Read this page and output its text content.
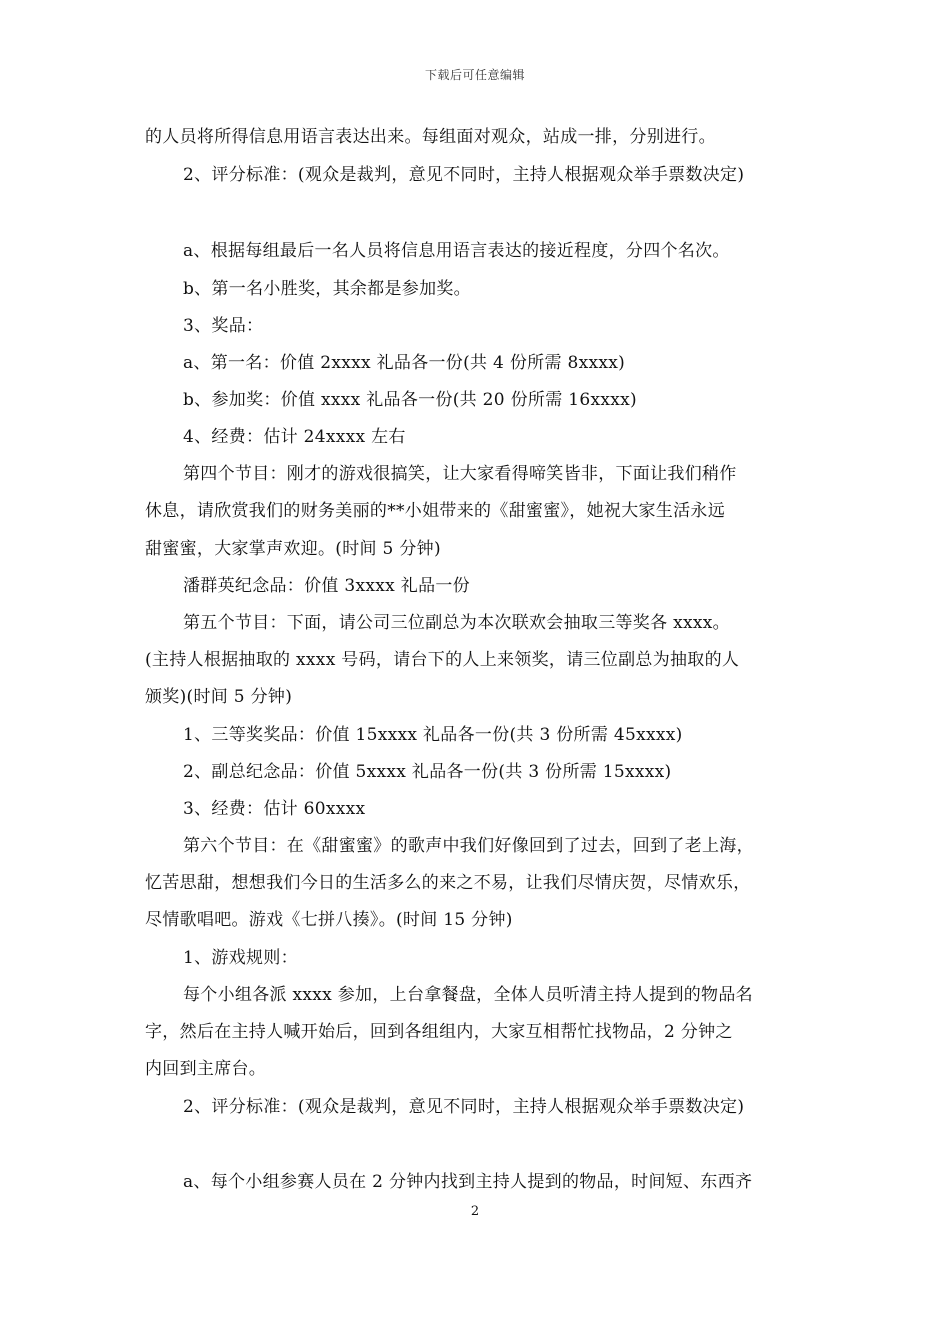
下载后可任意编辑
的人员将所得信息用语言表达出来。每组面对观众，站成一排，分别进行。
2、评分标准：(观众是裁判，意见不同时，主持人根据观众举手票数决定)
a、根据每组最后一名人员将信息用语言表达的接近程度，分四个名次。
b、第一名小胜奖，其余都是参加奖。
3、奖品：
a、第一名：价值 2xxxx 礼品各一份(共 4 份所需 8xxxx)
b、参加奖：价值 xxxx 礼品各一份(共 20 份所需 16xxxx)
4、经费：估计 24xxxx 左右
第四个节目：刚才的游戏很搞笑，让大家看得啼笑皆非，下面让我们稍作
休息，请欣赏我们的财务美丽的**小姐带来的《甜蜜蜜》，她祝大家生活永远
甜蜜蜜，大家掌声欢迎。(时间 5 分钟)
潘群英纪念品：价值 3xxxx 礼品一份
第五个节目：下面，请公司三位副总为本次联欢会抽取三等奖各 xxxx。
(主持人根据抽取的 xxxx 号码，请台下的人上来领奖，请三位副总为抽取的人
颁奖)(时间 5 分钟)
1、三等奖奖品：价值 15xxxx 礼品各一份(共 3 份所需 45xxxx)
2、副总纪念品：价值 5xxxx 礼品各一份(共 3 份所需 15xxxx)
3、经费：估计 60xxxx
第六个节目：在《甜蜜蜜》的歌声中我们好像回到了过去，回到了老上海，
忆苦思甜，想想我们今日的生活多么的来之不易，让我们尽情庆贺，尽情欢乐，
尽情歌唱吧。游戏《七拼八揍》。(时间 15 分钟)
1、游戏规则：
每个小组各派 xxxx 参加，上台拿餐盘，全体人员听清主持人提到的物品名
字，然后在主持人喊开始后，回到各组组内，大家互相帮忙找物品，2 分钟之
内回到主席台。
2、评分标准：(观众是裁判，意见不同时，主持人根据观众举手票数决定)
a、每个小组参赛人员在 2 分钟内找到主持人提到的物品，时间短、东西齐
2
